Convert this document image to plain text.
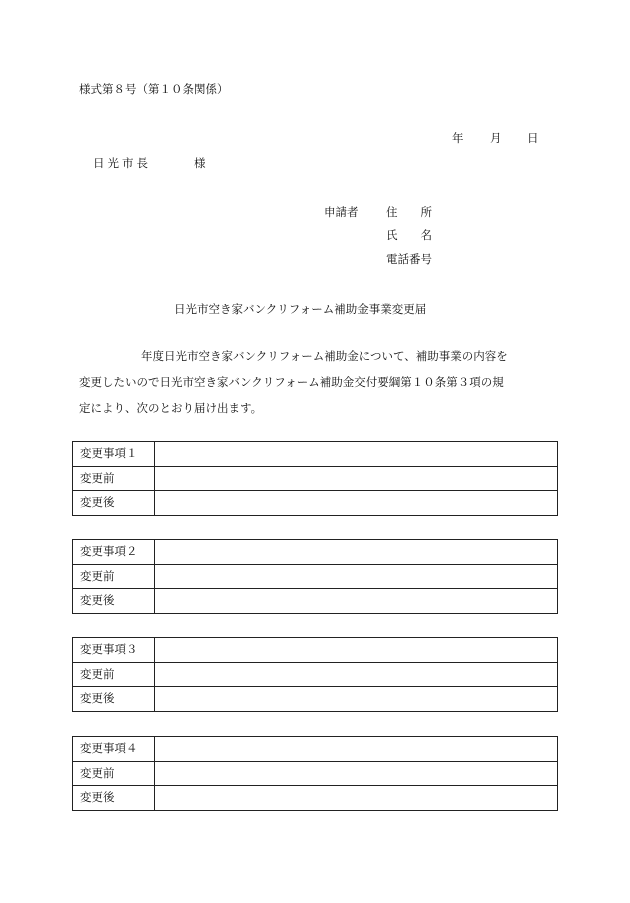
様式第８号（第１０条関係）
年 月 日
日光市長	様
申請者 住　　所
氏　　名
電話番号
日光市空き家バンクリフォーム補助金事業変更届
年度日光市空き家バンクリフォーム補助金について、補助事業の内容を
変更したいので日光市空き家バンクリフォーム補助金交付要綱第１０条第３項の規
定により、次のとおり届け出ます。
変更事項１	
変更前	
変更後	
変更事項２	
変更前	
変更後	
変更事項３	
変更前	
変更後	
変更事項４	
変更前	
変更後	
